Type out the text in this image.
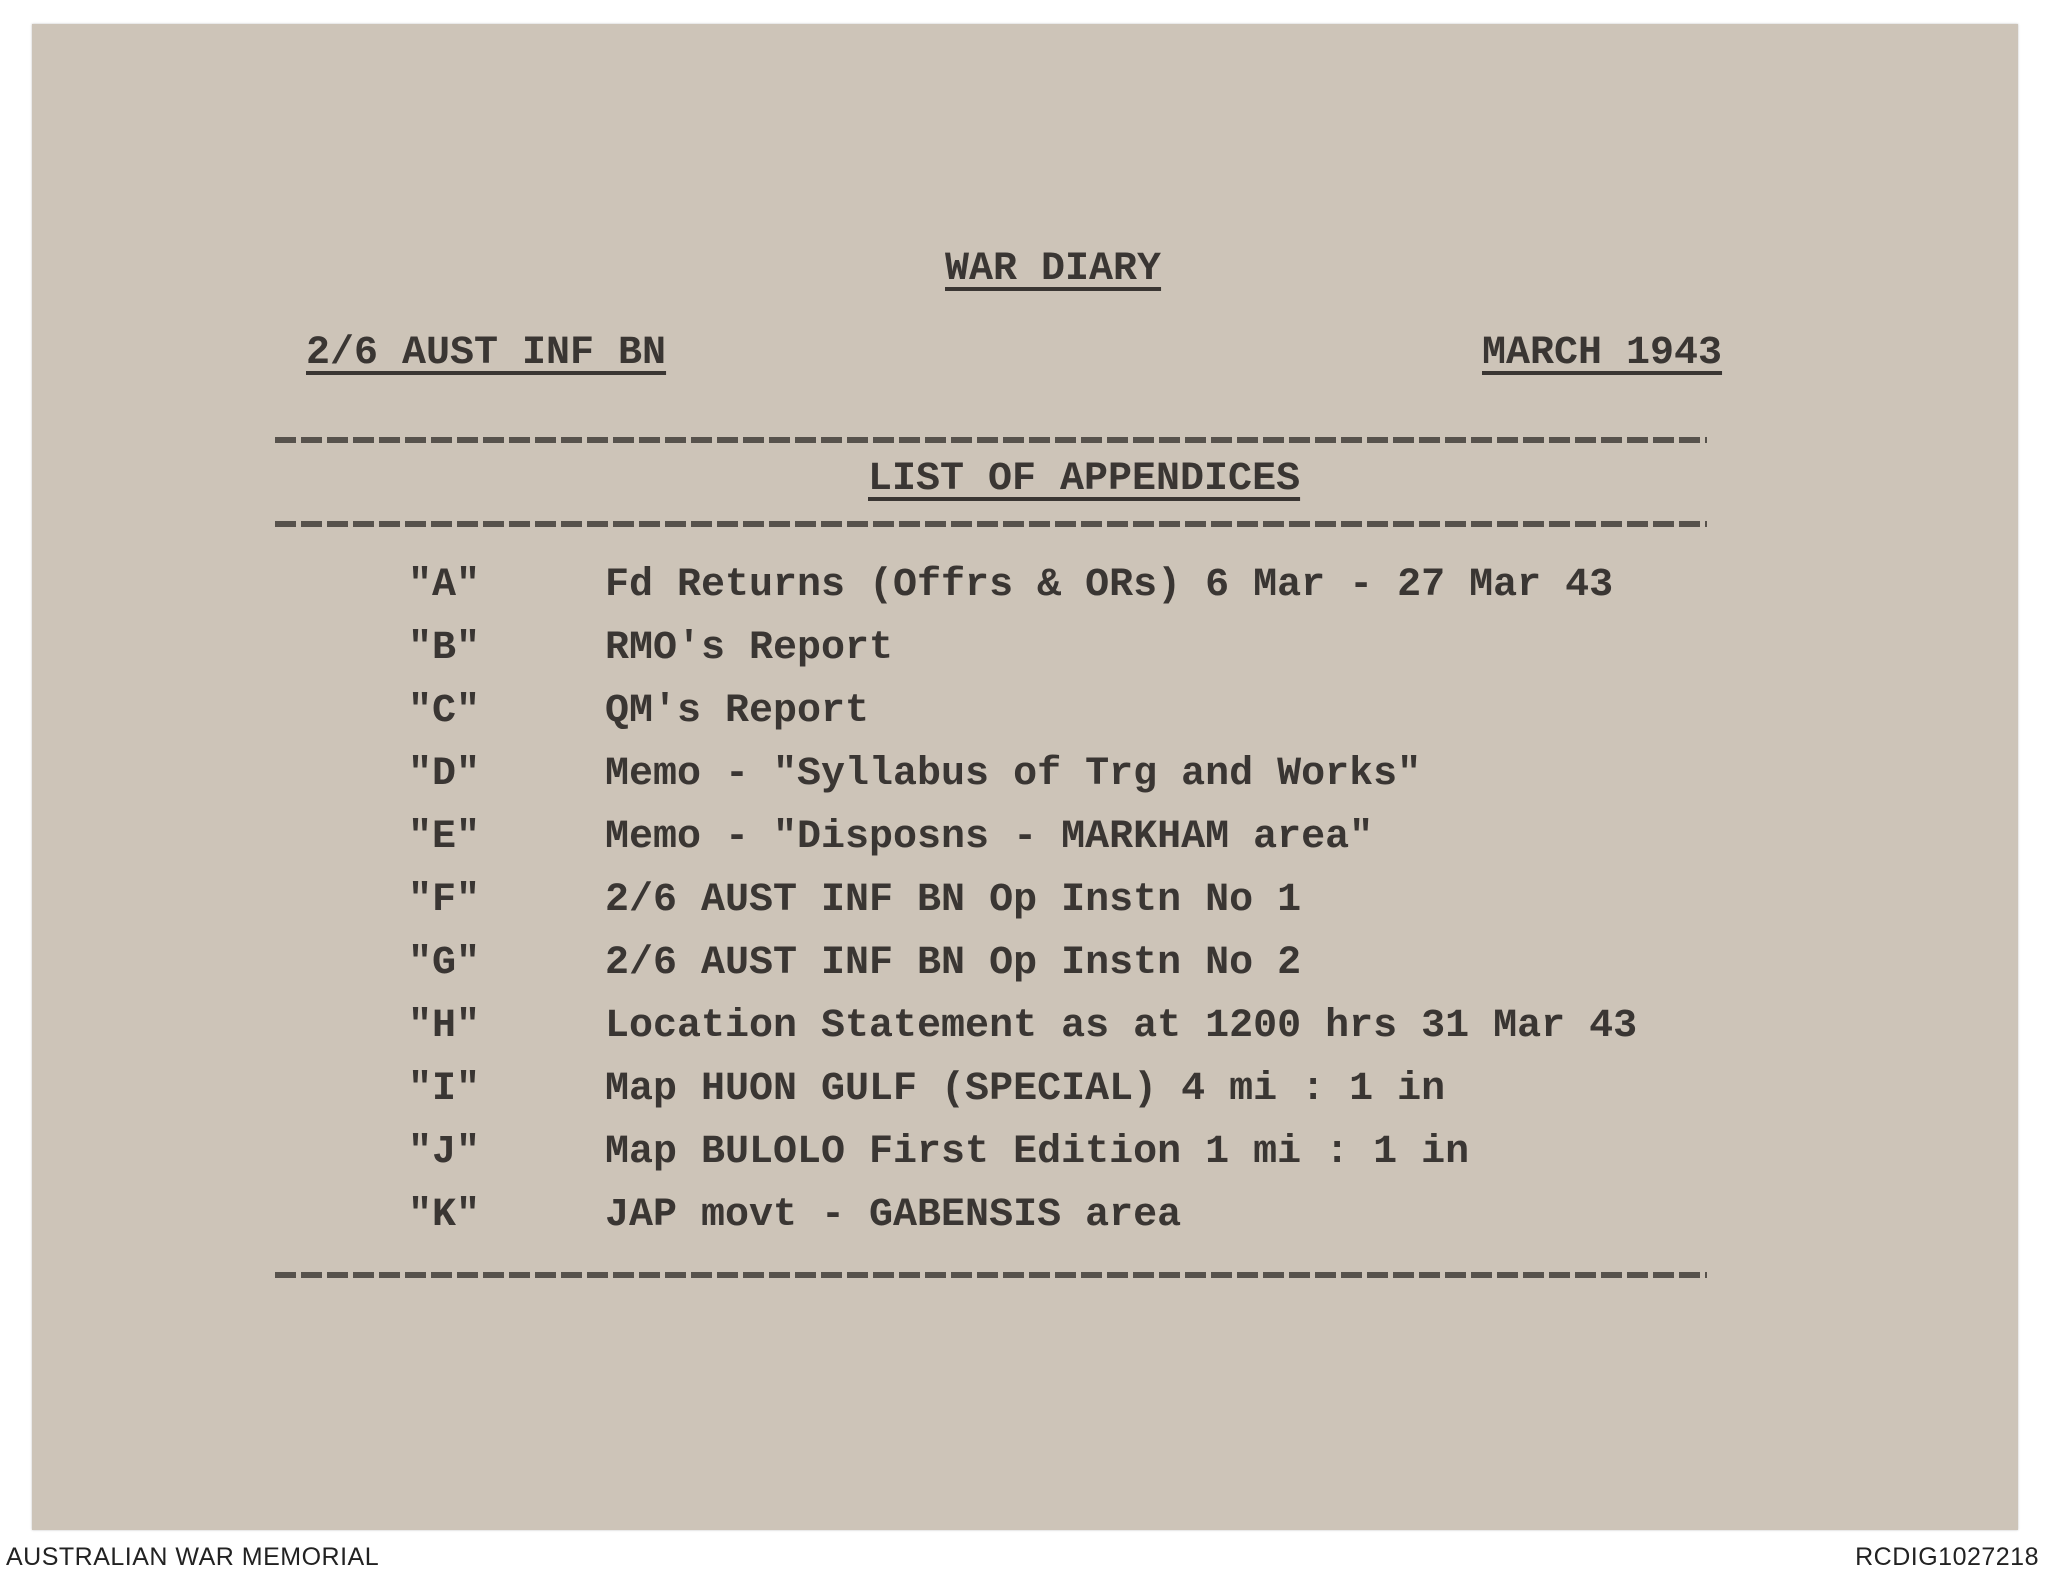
WAR DIARY
2/6 AUST INF BN	MARCH 1943
LIST OF APPENDICES
"A"	Fd Returns (Offrs & ORs) 6 Mar - 27 Mar 43
"B"	RMO's Report
"C"	QM's Report
"D"	Memo - "Syllabus of Trg and Works"
"E"	Memo - "Disposns - MARKHAM area"
"F"	2/6 AUST INF BN Op Instn No 1
"G"	2/6 AUST INF BN Op Instn No 2
"H"	Location Statement as at 1200 hrs 31 Mar 43
"I"	Map HUON GULF (SPECIAL) 4 mi : 1 in
"J"	Map BULOLO First Edition 1 mi : 1 in
"K"	JAP movt - GABENSIS area
AUSTRALIAN WAR MEMORIAL	RCDIG1027218
